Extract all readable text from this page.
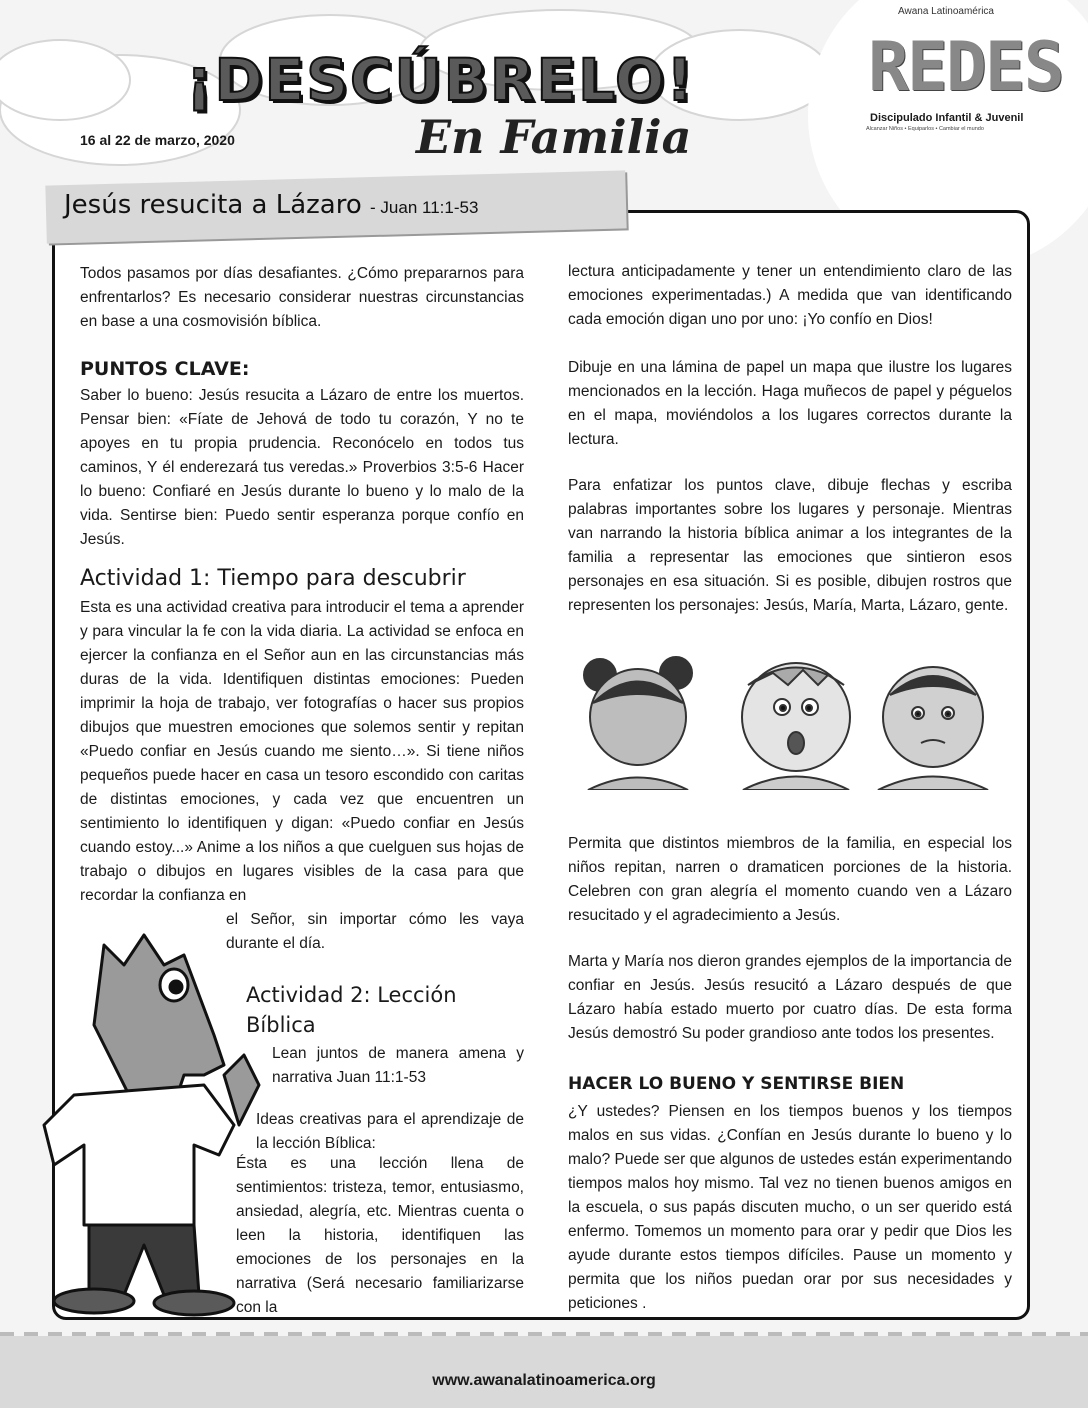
¡DESCÚBRELO!
En Familia
16 al 22 de marzo, 2020
Awana Latinoamérica
REDES
Discipulado Infantil & Juvenil
Alcanzar Niños • Equiparlos • Cambiar el mundo
Jesús resucita a Lázaro - Juan 11:1-53
Todos pasamos por días desafiantes. ¿Cómo prepararnos para enfrentarlos? Es necesario considerar nuestras circunstancias en base a una cosmovisión bíblica.
PUNTOS CLAVE:
Saber lo bueno: Jesús resucita a Lázaro de entre los muertos. Pensar bien: «Fíate de Jehová de todo tu corazón, Y no te apoyes en tu propia prudencia. Reconócelo en todos tus caminos, Y él enderezará tus veredas.» Proverbios 3:5-6 Hacer lo bueno: Confiaré en Jesús durante lo bueno y lo malo de la vida. Sentirse bien: Puedo sentir esperanza porque confío en Jesús.
Actividad 1: Tiempo para descubrir
Esta es una actividad creativa para introducir el tema a aprender y para vincular la fe con la vida diaria. La actividad se enfoca en ejercer la confianza en el Señor aun en las circunstancias más duras de la vida. Identifiquen distintas emociones: Pueden imprimir la hoja de trabajo, ver fotografías o hacer sus propios dibujos que muestren emociones que solemos sentir y repitan «Puedo confiar en Jesús cuando me siento…». Si tiene niños pequeños puede hacer en casa un tesoro escondido con caritas de distintas emociones, y cada vez que encuentren un sentimiento lo identifiquen y digan: «Puedo confiar en Jesús cuando estoy...» Anime a los niños a que cuelguen sus hojas de trabajo o dibujos en lugares visibles de la casa para que recordar la confianza en
el Señor, sin importar cómo les vaya durante el día.
Actividad 2: Lección Bíblica
Lean juntos de manera amena y narrativa Juan 11:1-53
Ideas creativas para el aprendizaje de la lección Bíblica:
Ésta es una lección llena de sentimientos: tristeza, temor, entusiasmo, ansiedad, alegría, etc. Mientras cuenta o leen la historia, identifiquen las emociones de los personajes en la narrativa (Será necesario familiarizarse con la
lectura anticipadamente y tener un entendimiento claro de las emociones experimentadas.) A medida que van identificando cada emoción digan uno por uno: ¡Yo confío en Dios!
Dibuje en una lámina de papel un mapa que ilustre los lugares mencionados en la lección. Haga muñecos de papel y péguelos en el mapa, moviéndolos a los lugares correctos durante la lectura.
Para enfatizar los puntos clave, dibuje flechas y escriba palabras importantes sobre los lugares y personaje. Mientras van narrando la historia bíblica animar a los integrantes de la familia a representar las emociones que sintieron esos personajes en esa situación. Si es posible, dibujen rostros que representen los personajes: Jesús, María, Marta, Lázaro, gente.
Permita que distintos miembros de la familia, en especial los niños repitan, narren o dramaticen porciones de la historia. Celebren con gran alegría el momento cuando ven a Lázaro resucitado y el agradecimiento a Jesús.
Marta y María nos dieron grandes ejemplos de la importancia de confiar en Jesús. Jesús resucitó a Lázaro después de que Lázaro había estado muerto por cuatro días. De esta forma Jesús demostró Su poder grandioso ante todos los presentes.
HACER LO BUENO Y SENTIRSE BIEN
¿Y ustedes? Piensen en los tiempos buenos y los tiempos malos en sus vidas. ¿Confían en Jesús durante lo bueno y lo malo? Puede ser que algunos de ustedes están experimentando tiempos malos hoy mismo. Tal vez no tienen buenos amigos en la escuela, o sus papás discuten mucho, o un ser querido está enfermo. Tomemos un momento para orar y pedir que Dios les ayude durante estos tiempos difíciles. Pause un momento y permita que los niños puedan orar por sus necesidades y peticiones .
www.awanalatinoamerica.org
